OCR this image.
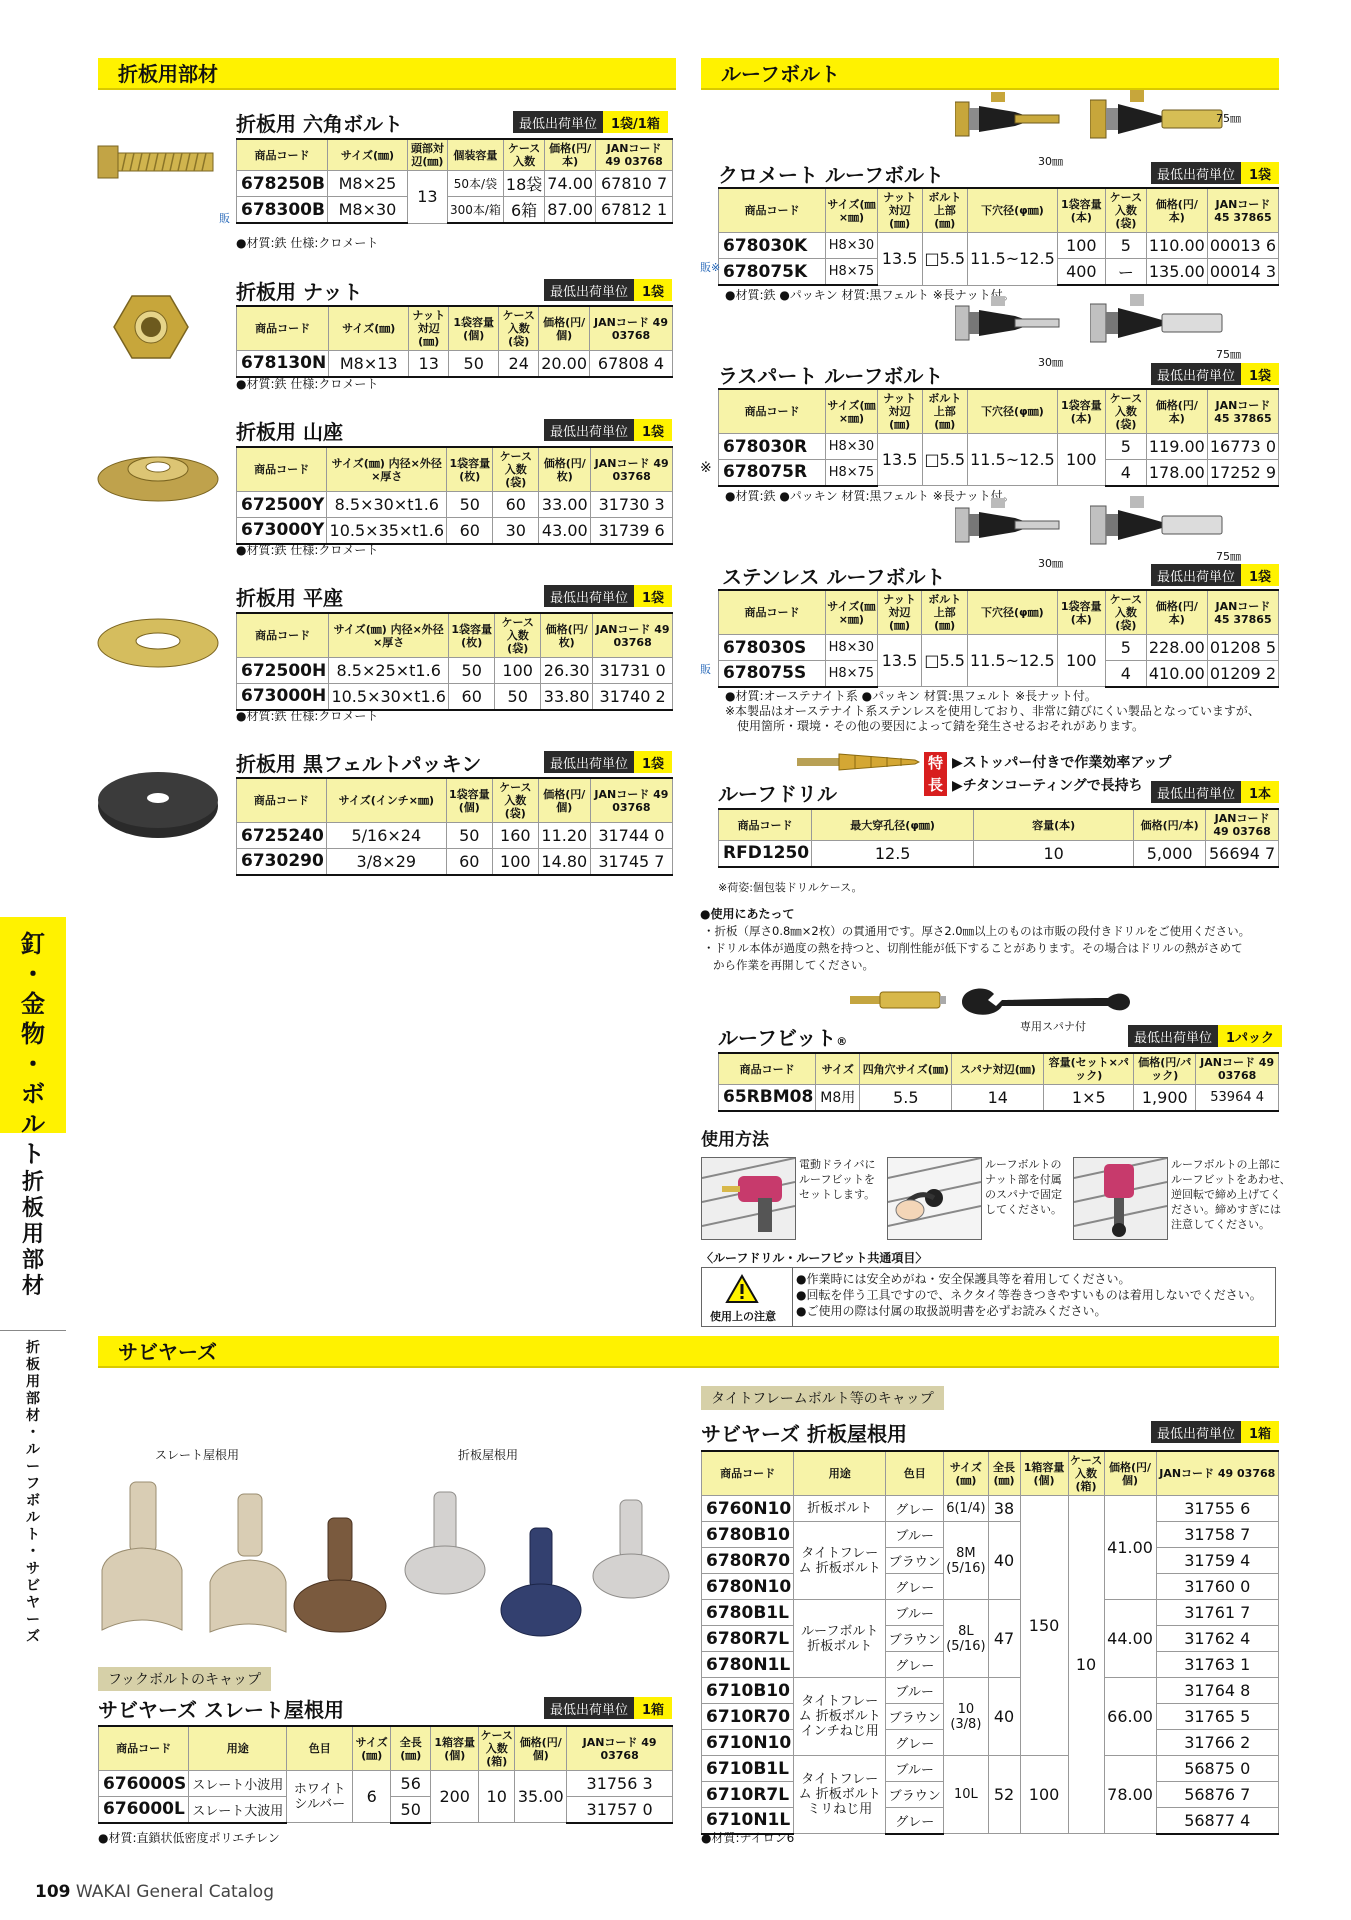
折板用部材	ルーフボルト
サビヤーズ
釘
・
金
物
・
ボ
ル
ト
折
板
用
部
材
折
板
用
部
材
・
ル
ー
フ
ボ
ル
ト
・
サ
ビ
ヤ
ー
ズ
折板用 六角ボルト	最低出荷単位	1袋/1箱
商品コード	サイズ(㎜)	頭部対辺(㎜)	個装容量	ケース入数	価格(円/本)	JANコード 49 03768
678250B	M8×25	13	50本/袋	18袋	74.00	67810 7
678300B	M8×30		300本/箱	6箱	87.00	67812 1
販
●材質:鉄 仕様:クロメート
折板用 ナット	最低出荷単位	1袋
商品コード	サイズ(㎜)	ナット対辺(㎜)	1袋容量(個)	ケース入数(袋)	価格(円/個)	JANコード 49 03768
678130N	M8×13	13	50	24	20.00	67808 4
●材質:鉄 仕様:クロメート
折板用 山座	最低出荷単位	1袋
商品コード	サイズ(㎜) 内径×外径×厚さ	1袋容量(枚)	ケース入数(袋)	価格(円/枚)	JANコード 49 03768
672500Y	8.5×30×t1.6	50	60	33.00	31730 3
673000Y	10.5×35×t1.6	60	30	43.00	31739 6
●材質:鉄 仕様:クロメート
折板用 平座	最低出荷単位	1袋
商品コード	サイズ(㎜) 内径×外径×厚さ	1袋容量(枚)	ケース入数(袋)	価格(円/枚)	JANコード 49 03768
672500H	8.5×25×t1.6	50	100	26.30	31731 0
673000H	10.5×30×t1.6	60	50	33.80	31740 2
●材質:鉄 仕様:クロメート
折板用 黒フェルトパッキン	最低出荷単位	1袋
商品コード	サイズ(インチ×㎜)	1袋容量(個)	ケース入数(袋)	価格(円/個)	JANコード 49 03768
6725240	5/16×24	50	160	11.20	31744 0
6730290	3/8×29	60	100	14.80	31745 7
30㎜
75㎜
クロメート ルーフボルト	最低出荷単位	1袋
商品コード	サイズ(㎜×㎜)	ナット対辺(㎜)	ボルト上部(㎜)	下穴径(φ㎜)	1袋容量(本)	ケース入数(袋)	価格(円/本)	JANコード 45 37865
678030K	H8×30	13.5	□5.5	11.5~12.5	100	5	110.00	00013 6
678075K	H8×75				400	ー	135.00	00014 3
販※
●材質:鉄 ●パッキン 材質:黒フェルト ※長ナット付。
30㎜
75㎜
ラスパート ルーフボルト	最低出荷単位	1袋
商品コード	サイズ(㎜×㎜)	ナット対辺(㎜)	ボルト上部(㎜)	下穴径(φ㎜)	1袋容量(本)	ケース入数(袋)	価格(円/本)	JANコード 45 37865
678030R	H8×30	13.5	□5.5	11.5~12.5	100	5	119.00	16773 0
678075R	H8×75					4	178.00	17252 9
※
●材質:鉄 ●パッキン 材質:黒フェルト ※長ナット付。
30㎜
75㎜
ステンレス ルーフボルト	最低出荷単位	1袋
商品コード	サイズ(㎜×㎜)	ナット対辺(㎜)	ボルト上部(㎜)	下穴径(φ㎜)	1袋容量(本)	ケース入数(袋)	価格(円/本)	JANコード 45 37865
678030S	H8×30	13.5	□5.5	11.5~12.5	100	5	228.00	01208 5
678075S	H8×75					4	410.00	01209 2
販
●材質:オーステナイト系 ●パッキン 材質:黒フェルト ※長ナット付。
※本製品はオーステナイト系ステンレスを使用しており、非常に錆びにくい製品となっていますが、
使用箇所・環境・その他の要因によって錆を発生させるおそれがあります。
特
長
▶ストッパー付きで作業効率アップ
▶チタンコーティングで長持ち
ルーフドリル	最低出荷単位	1本
商品コード	最大穿孔径(φ㎜)	容量(本)	価格(円/本)	JANコード 49 03768
RFD1250	12.5	10	5,000	56694 7
※荷姿:個包装ドリルケース。
●使用にあたって
・折板（厚さ0.8㎜×2枚）の貫通用です。厚さ2.0㎜以上のものは市販の段付きドリルをご使用ください。
・ドリル本体が過度の熱を持つと、切削性能が低下することがあります。その場合はドリルの熱がさめて
から作業を再開してください。
専用スパナ付
ルーフビット®	最低出荷単位	1パック
商品コード	サイズ	四角穴サイズ(㎜)	スパナ対辺(㎜)	容量(セット×パック)	価格(円/パック)	JANコード 49 03768
65RBM08	M8用	5.5	14	1×5	1,900	53964 4
使用方法
電動ドライバに
ルーフビットを
セットします。
ルーフボルトの
ナット部を付属
のスパナで固定
してください。
ルーフボルトの上部に
ルーフビットをあわせ、
逆回転で締め上げてく
ださい。締めすぎには
注意してください。
〈ルーフドリル・ルーフビット共通項目〉
使用上の注意
●作業時には安全めがね・安全保護具等を着用してください。
●回転を伴う工具ですので、ネクタイ等巻きつきやすいものは着用しないでください。
●ご使用の際は付属の取扱説明書を必ずお読みください。
スレート屋根用	折板屋根用
フックボルトのキャップ
サビヤーズ スレート屋根用	最低出荷単位	1箱
商品コード	用途	色目	サイズ(㎜)	全長(㎜)	1箱容量(個)	ケース入数(箱)	価格(円/個)	JANコード 49 03768
676000S	スレート小波用	ホワイトシルバー	6	56	200	10	35.00	31756 3
676000L	スレート大波用			50				31757 0
●材質:直鎖状低密度ポリエチレン
タイトフレームボルト等のキャップ
サビヤーズ 折板屋根用	最低出荷単位	1箱
商品コード	用途	色目	サイズ(㎜)	全長(㎜)	1箱容量(個)	ケース入数(箱)	価格(円/個)	JANコード 49 03768
6760N10	折板ボルト	グレー	6(1/4)	38	150	10	41.00	31755 6
6780B10	タイトフレーム 折板ボルト	ブルー	8M (5/16)	40				31758 7
6780R70		ブラウン						31759 4
6780N10		グレー						31760 0
6780B1L	ルーフボルト 折板ボルト	ブルー	8L (5/16)	47			44.00	31761 7
6780R7L		ブラウン						31762 4
6780N1L		グレー						31763 1
6710B10	タイトフレーム 折板ボルト インチねじ用	ブルー	10 (3/8)	40			66.00	31764 8
6710R70		ブラウン						31765 5
6710N10		グレー						31766 2
6710B1L	タイトフレーム 折板ボルト ミリねじ用	ブルー	10L	52	100		78.00	56875 0
6710R7L		ブラウン						56876 7
6710N1L		グレー						56877 4
●材質:ナイロン6
109 WAKAI General Catalog
